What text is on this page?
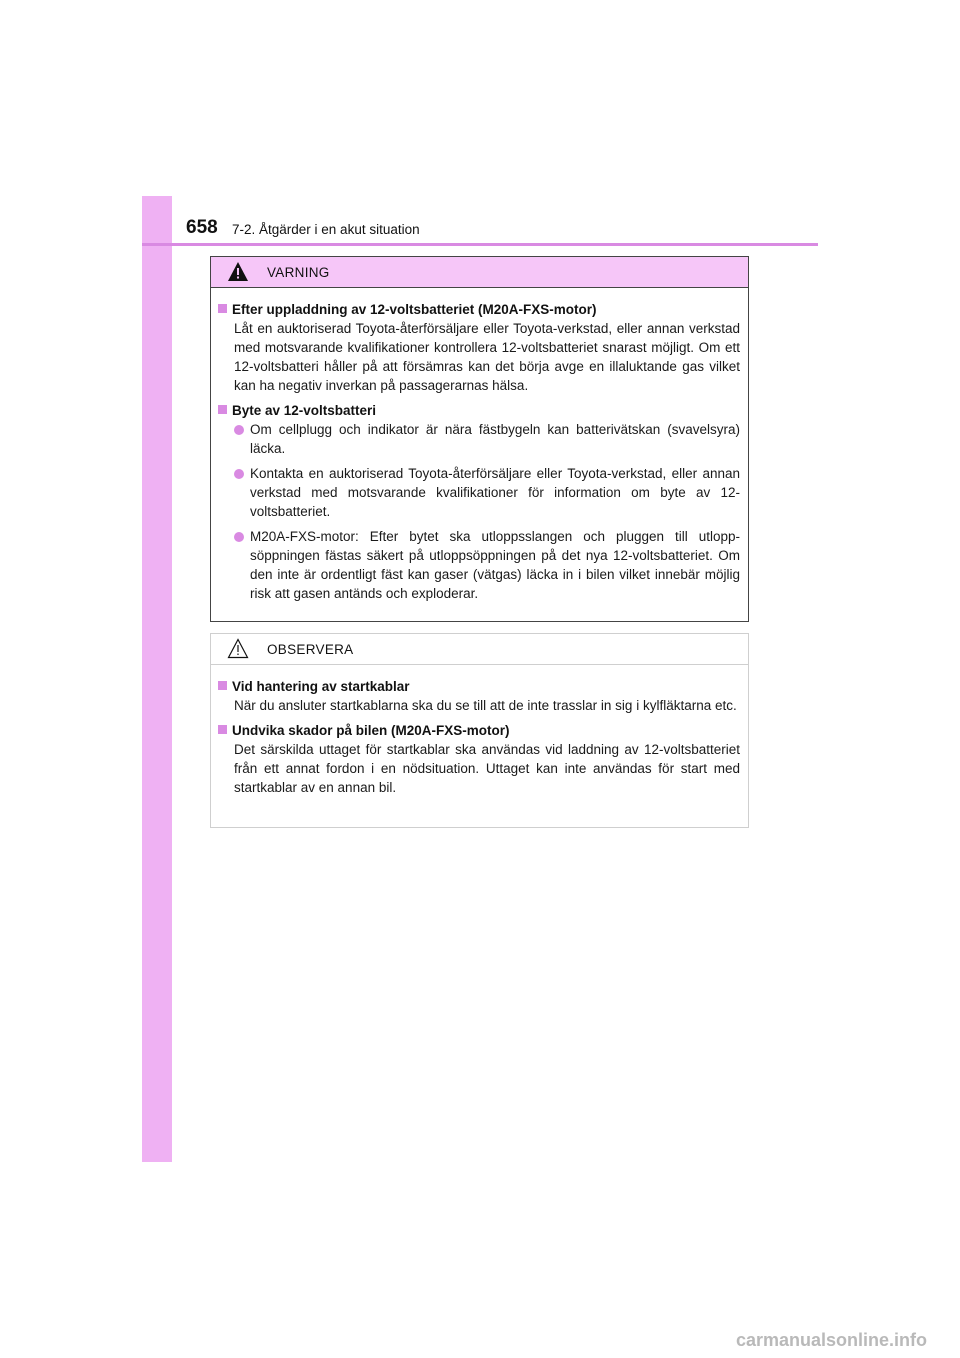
658 7-2. Åtgärder i en akut situation
VARNING
Efter uppladdning av 12-voltsbatteriet (M20A-FXS-motor)
Låt en auktoriserad Toyota-återförsäljare eller Toyota-verkstad, eller annan verkstad med motsvarande kvalifikationer kontrollera 12-voltsbatteriet snarast möjligt. Om ett 12-voltsbatteri håller på att försämras kan det börja avge en illaluktande gas vilket kan ha negativ inverkan på passagerarnas hälsa.
Byte av 12-voltsbatteri
Om cellplugg och indikator är nära fästbygeln kan batterivätskan (svavelsyra) läcka.
Kontakta en auktoriserad Toyota-återförsäljare eller Toyota-verkstad, eller annan verkstad med motsvarande kvalifikationer för information om byte av 12-voltsbatteriet.
M20A-FXS-motor: Efter bytet ska utloppsslangen och pluggen till utloppsöppningen fästas säkert på utloppsöppningen på det nya 12-voltsbatteriet. Om den inte är ordentligt fäst kan gaser (vätgas) läcka in i bilen vilket innebär möjlig risk att gasen antänds och exploderar.
OBSERVERA
Vid hantering av startkablar
När du ansluter startkablarna ska du se till att de inte trasslar in sig i kylfläktarna etc.
Undvika skador på bilen (M20A-FXS-motor)
Det särskilda uttaget för startkablar ska användas vid laddning av 12-voltsbatteriet från ett annat fordon i en nödsituation. Uttaget kan inte användas för start med startkablar av en annan bil.
carmanualsonline.info
